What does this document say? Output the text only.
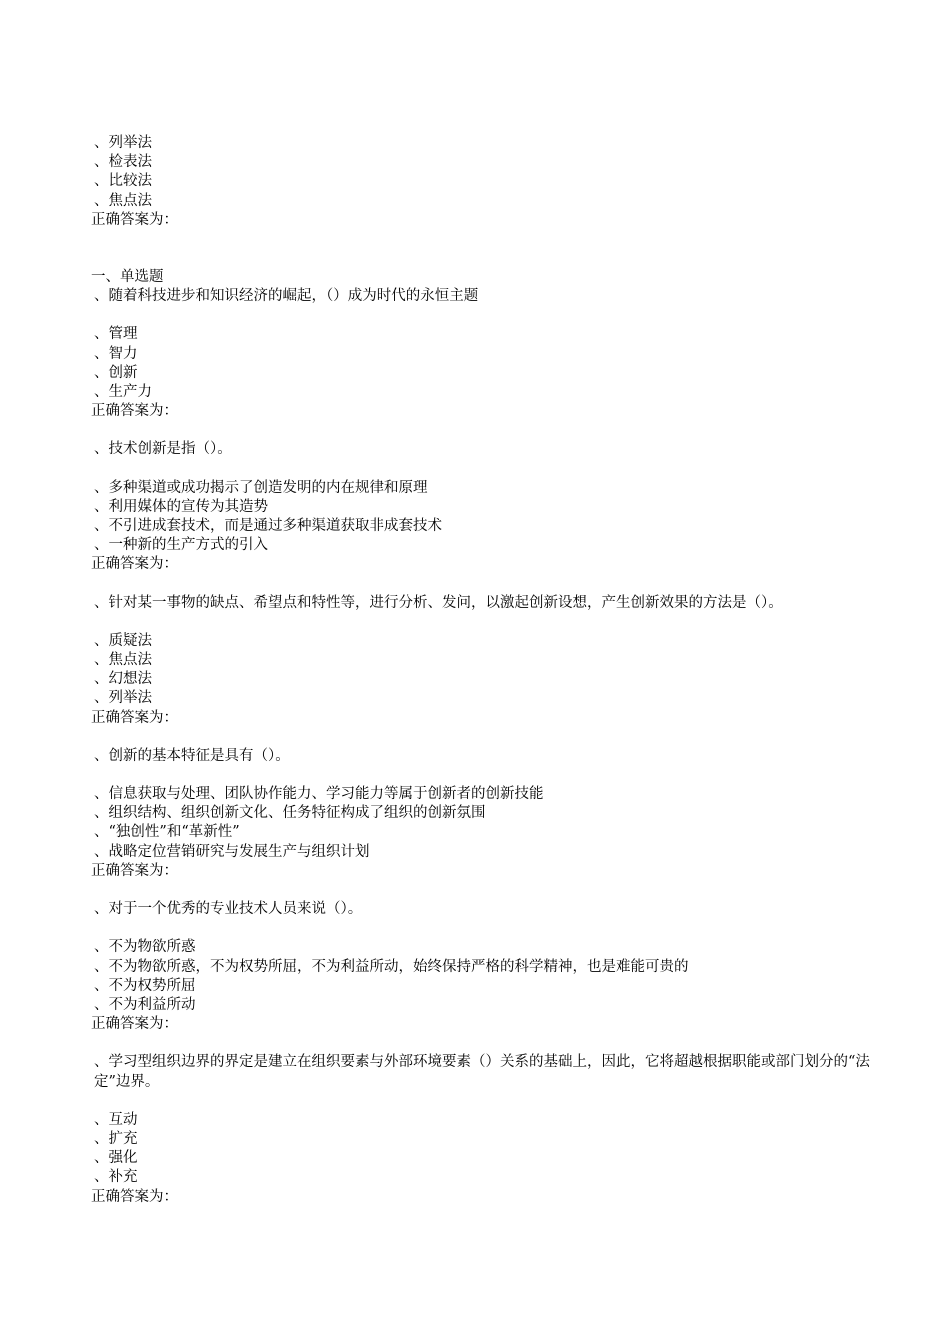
、列举法
、检表法
、比较法
、焦点法
正确答案为：
一、单选题
、随着科技进步和知识经济的崛起，（）成为时代的永恒主题
、管理
、智力
、创新
、生产力
正确答案为：
、技术创新是指（）。
、多种渠道或成功揭示了创造发明的内在规律和原理
、利用媒体的宣传为其造势
、不引进成套技术，而是通过多种渠道获取非成套技术
、一种新的生产方式的引入
正确答案为：
、针对某一事物的缺点、希望点和特性等，进行分析、发问，以激起创新设想，产生创新效果的方法是（）。
、质疑法
、焦点法
、幻想法
、列举法
正确答案为：
、创新的基本特征是具有（）。
、信息获取与处理、团队协作能力、学习能力等属于创新者的创新技能
、组织结构、组织创新文化、任务特征构成了组织的创新氛围
、“独创性”和“革新性”
、战略定位营销研究与发展生产与组织计划
正确答案为：
、对于一个优秀的专业技术人员来说（）。
、不为物欲所惑
、不为物欲所惑，不为权势所屈，不为利益所动，始终保持严格的科学精神，也是难能可贵的
、不为权势所屈
、不为利益所动
正确答案为：
、学习型组织边界的界定是建立在组织要素与外部环境要素（）关系的基础上，因此，它将超越根据职能或部门划分的“法定”边界。
、互动
、扩充
、强化
、补充
正确答案为：
